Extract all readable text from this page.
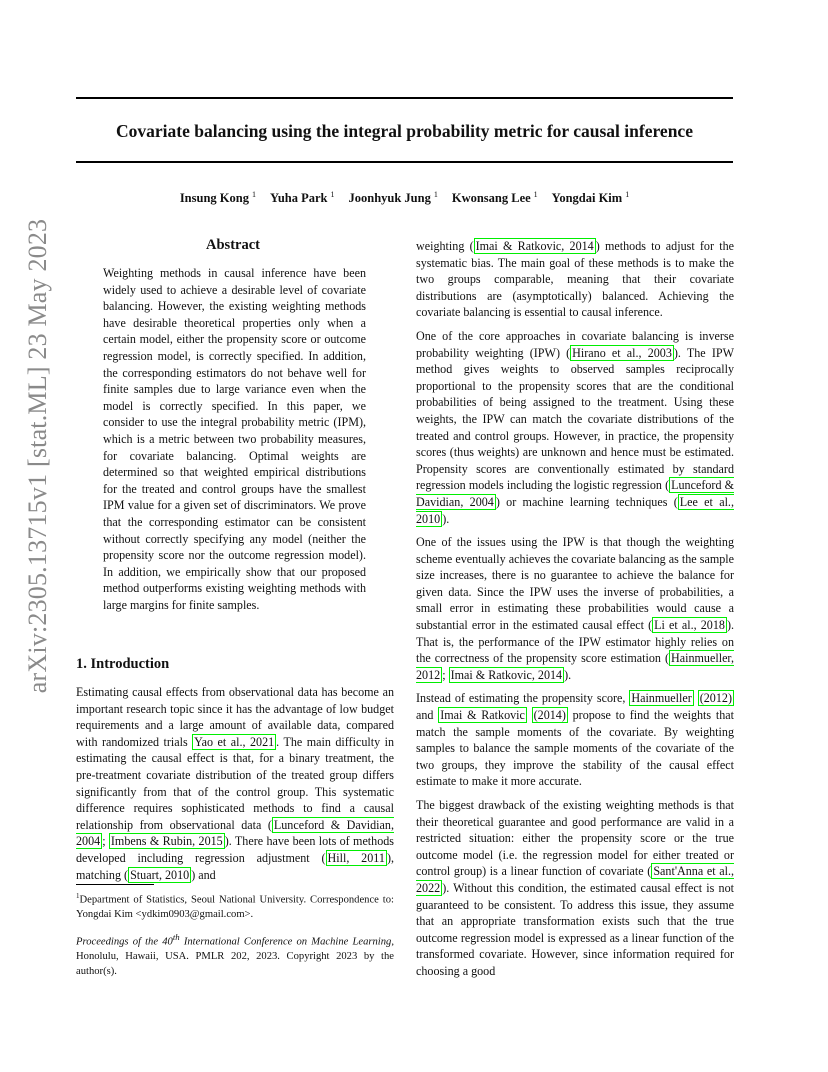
Covariate balancing using the integral probability metric for causal inference
Insung Kong $^1$ Yuha Park $^1$ Joonhyuk Jung $^1$ Kwonsang Lee $^1$ Yongdai Kim $^1$
arXiv:2305.13715v1 [stat.ML] 23 May 2023	Abstract
Weighting methods in causal inference have been widely used to achieve a desirable level of covariate balancing. However, the existing weighting methods have desirable theoretical properties only when a certain model, either the propensity score or outcome regression model, is correctly specified. In addition, the corresponding estimators do not behave well for finite samples due to large variance even when the model is correctly specified. In this paper, we consider to use the integral probability metric (IPM), which is a metric between two probability measures, for covariate balancing. Optimal weights are determined so that weighted empirical distributions for the treated and control groups have the smallest IPM value for a given set of discriminators. We prove that the corresponding estimator can be consistent without correctly specifying any model (neither the propensity score nor the outcome regression model). In addition, we empirically show that our proposed method outperforms existing weighting methods with large margins for finite samples.
1. Introduction
Estimating causal effects from observational data has become an important research topic since it has the advantage of low budget requirements and a large amount of available data, compared with randomized trials Yao et al., 2021 . The main difficulty in estimating the causal effect is that, for a binary treatment, the pre-treatment covariate distribution of the treated group differs significantly from that of the control group. This systematic difference requires sophisticated methods to find a causal relationship from observational data ( Lunceford & Davidian, 2004 ; Imbens & Rubin, 2015 ). There have been lots of methods developed including regression adjustment ( Hill, 2011 ), matching ( Stuart, 2010 ) and
$^1$Department of Statistics, Seoul National University. Correspondence to: Yongdai Kim <ydkim0903@gmail.com>.
Proceedings of the 40th International Conference on Machine Learning, Honolulu, Hawaii, USA. PMLR 202, 2023. Copyright 2023 by the author(s).

weighting ( Imai & Ratkovic, 2014 ) methods to adjust for the systematic bias. The main goal of these methods is to make the two groups comparable, meaning that their covariate distributions are (asymptotically) balanced. Achieving the covariate balancing is essential to causal inference.

One of the core approaches in covariate balancing is inverse probability weighting (IPW) ( Hirano et al., 2003 ). The IPW method gives weights to observed samples reciprocally proportional to the propensity scores that are the conditional probabilities of being assigned to the treatment. Using these weights, the IPW can match the covariate distributions of the treated and control groups. However, in practice, the propensity scores (thus weights) are unknown and hence must be estimated. Propensity scores are conventionally estimated by standard regression models including the logistic regression ( Lunceford & Davidian, 2004 ) or machine learning techniques ( Lee et al., 2010 ).

One of the issues using the IPW is that though the weighting scheme eventually achieves the covariate balancing as the sample size increases, there is no guarantee to achieve the balance for given data. Since the IPW uses the inverse of probabilities, a small error in estimating these probabilities would cause a substantial error in the estimated causal effect ( Li et al., 2018 ). That is, the performance of the IPW estimator highly relies on the correctness of the propensity score estimation ( Hainmueller, 2012 ; Imai & Ratkovic, 2014 ).

Instead of estimating the propensity score, Hainmueller (2012) and Imai & Ratkovic (2014) propose to find the weights that match the sample moments of the covariate. By weighting samples to balance the sample moments of the covariate of the two groups, they improve the stability of the causal effect estimate to make it more accurate.

The biggest drawback of the existing weighting methods is that their theoretical guarantee and good performance are valid in a restricted situation: either the propensity score or the true outcome model (i.e. the regression model for either treated or control group) is a linear function of covariate ( Sant'Anna et al., 2022 ). Without this condition, the estimated causal effect is not guaranteed to be consistent. To address this issue, they assume that an appropriate transformation exists such that the true outcome regression model is expressed as a linear function of the transformed covariate. However, since information required for choosing a good
